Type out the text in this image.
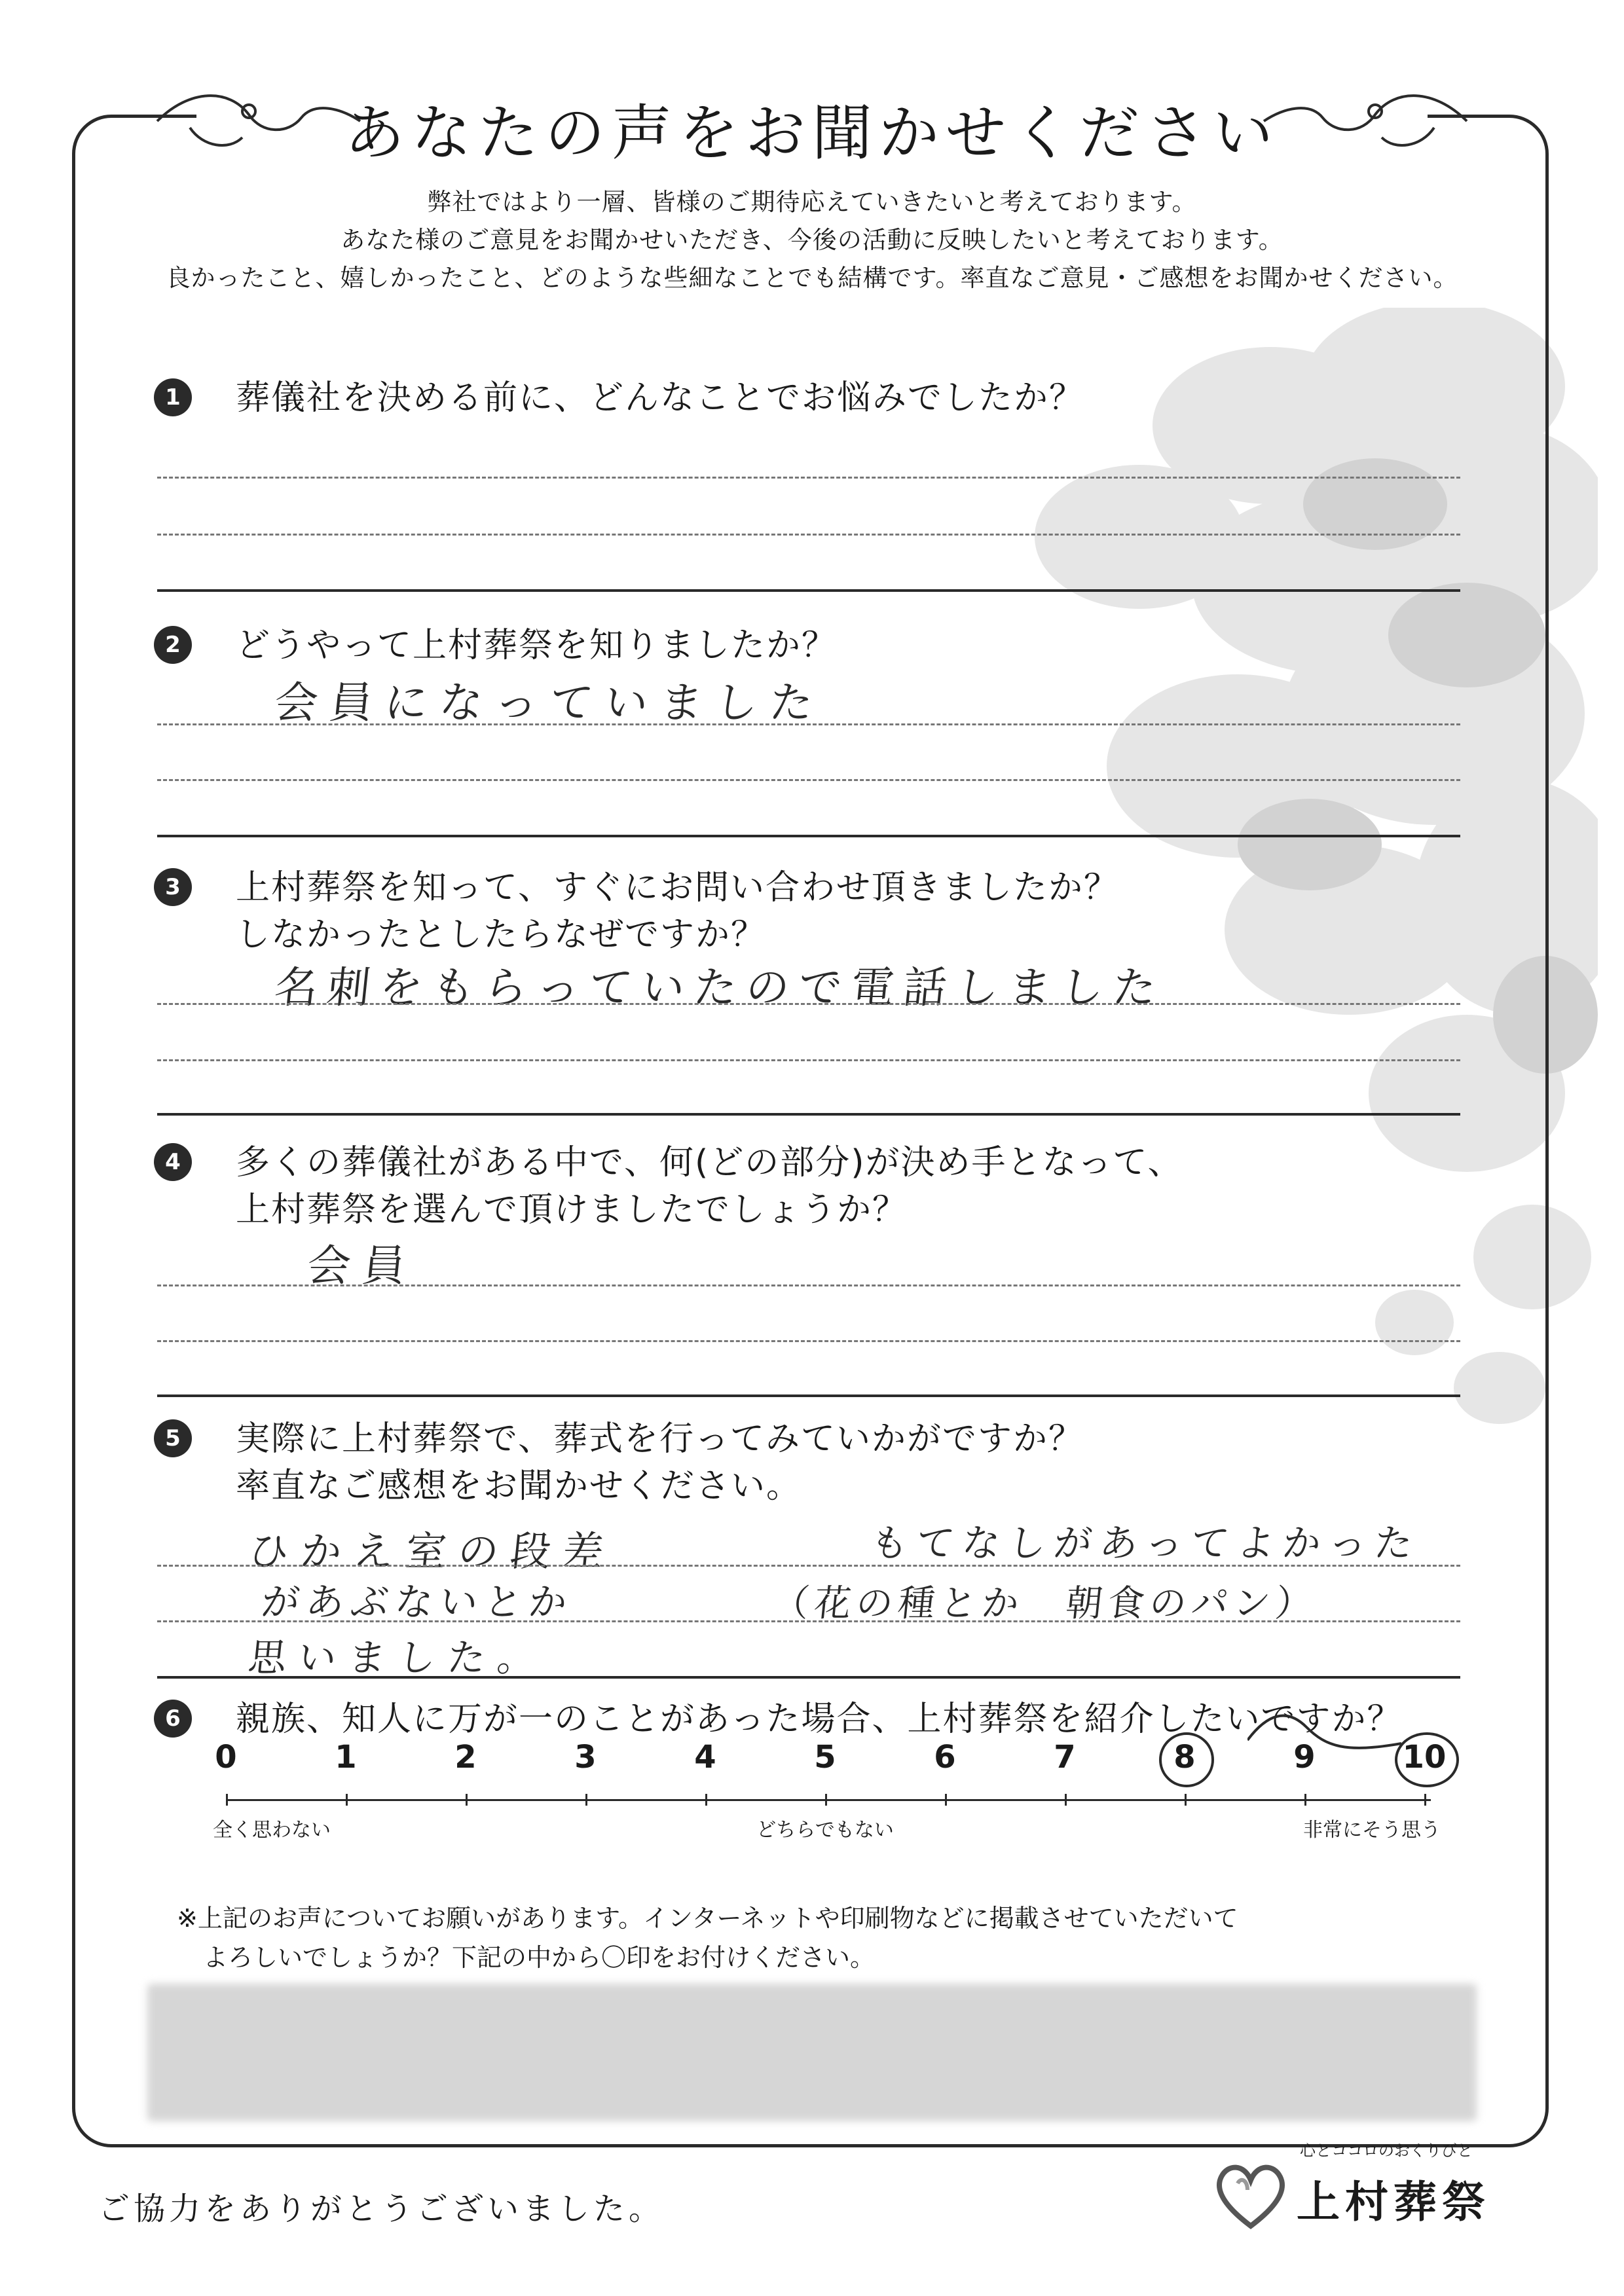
あなたの声をお聞かせください
弊社ではより一層、皆様のご期待応えていきたいと考えております。
あなた様のご意見をお聞かせいただき、今後の活動に反映したいと考えております。
良かったこと、嬉しかったこと、どのような些細なことでも結構です。率直なご意見・ご感想をお聞かせください。
1	葬儀社を決める前に、どんなことでお悩みでしたか？
2	どうやって上村葬祭を知りましたか？
会員になっていました
3	上村葬祭を知って、すぐにお問い合わせ頂きましたか？
しなかったとしたらなぜですか？
名刺をもらっていたので電話しました
4	多くの葬儀社がある中で、何(どの部分)が決め手となって、
上村葬祭を選んで頂けましたでしょうか？
会員
5	実際に上村葬祭で、葬式を行ってみていかがですか？
率直なご感想をお聞かせください。
ひかえ室の段差
があぶないとか
思いました。
もてなしがあってよかった
（花の種とか　朝食のパン）
6	親族、知人に万が一のことがあった場合、上村葬祭を紹介したいですか？
0	1	2	3	4	5	6	7	8	9	10
全く思わない	どちらでもない	非常にそう思う
※上記のお声についてお願いがあります。インターネットや印刷物などに掲載させていただいて
よろしいでしょうか？下記の中から〇印をお付けください。
ご協力をありがとうございました。
心とココロのおくりびと
上村葬祭
